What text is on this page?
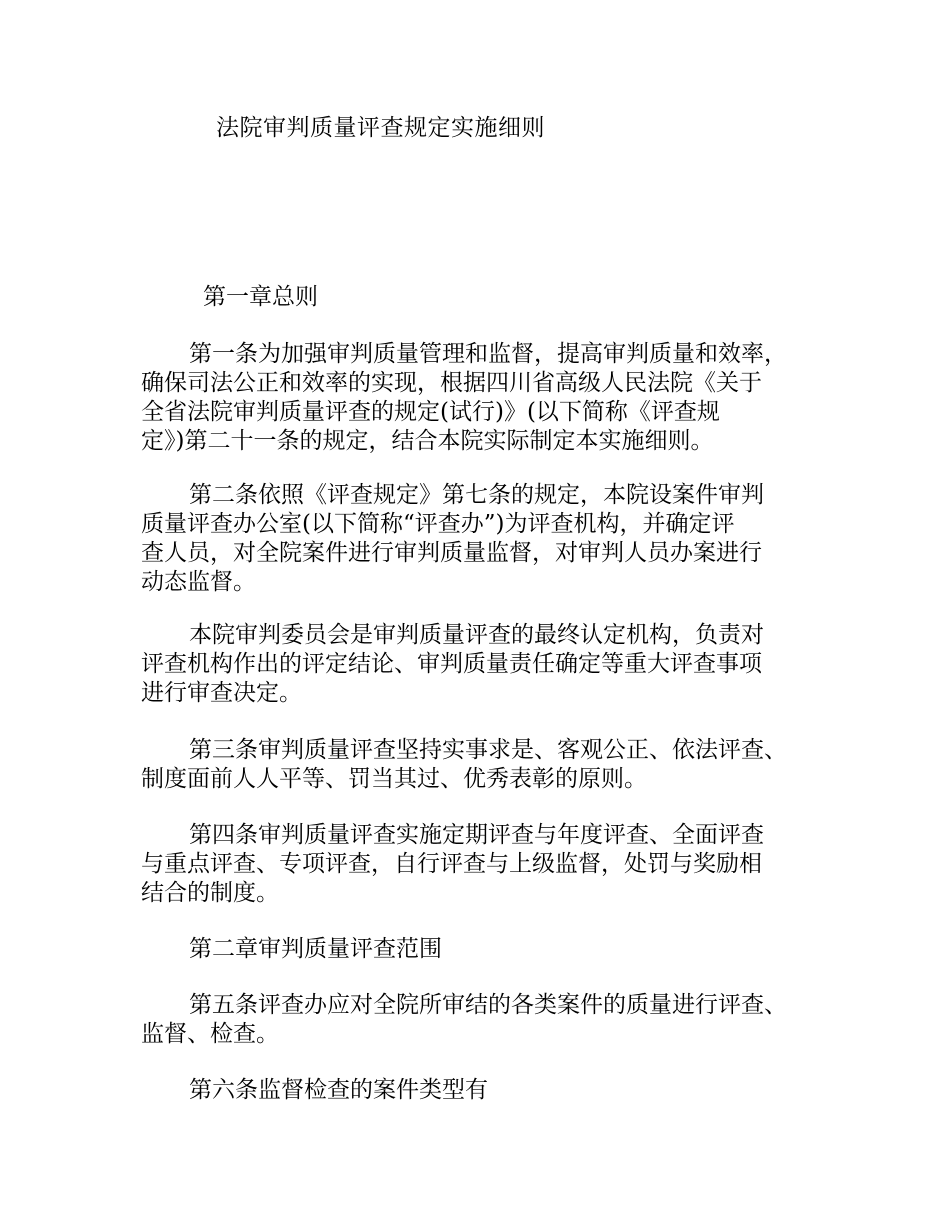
法院审判质量评查规定实施细则
第一章总则
第一条为加强审判质量管理和监督，提高审判质量和效率，
确保司法公正和效率的实现，根据四川省高级人民法院《关于
全省法院审判质量评查的规定(试行)》(以下简称《评查规
定》)第二十一条的规定，结合本院实际制定本实施细则。
第二条依照《评查规定》第七条的规定，本院设案件审判
质量评查办公室(以下简称“评查办”)为评查机构，并确定评
查人员，对全院案件进行审判质量监督，对审判人员办案进行
动态监督。
本院审判委员会是审判质量评查的最终认定机构，负责对
评查机构作出的评定结论、审判质量责任确定等重大评查事项
进行审查决定。
第三条审判质量评查坚持实事求是、客观公正、依法评查、
制度面前人人平等、罚当其过、优秀表彰的原则。
第四条审判质量评查实施定期评查与年度评查、全面评查
与重点评查、专项评查，自行评查与上级监督，处罚与奖励相
结合的制度。
第二章审判质量评查范围
第五条评查办应对全院所审结的各类案件的质量进行评查、
监督、检查。
第六条监督检查的案件类型有
